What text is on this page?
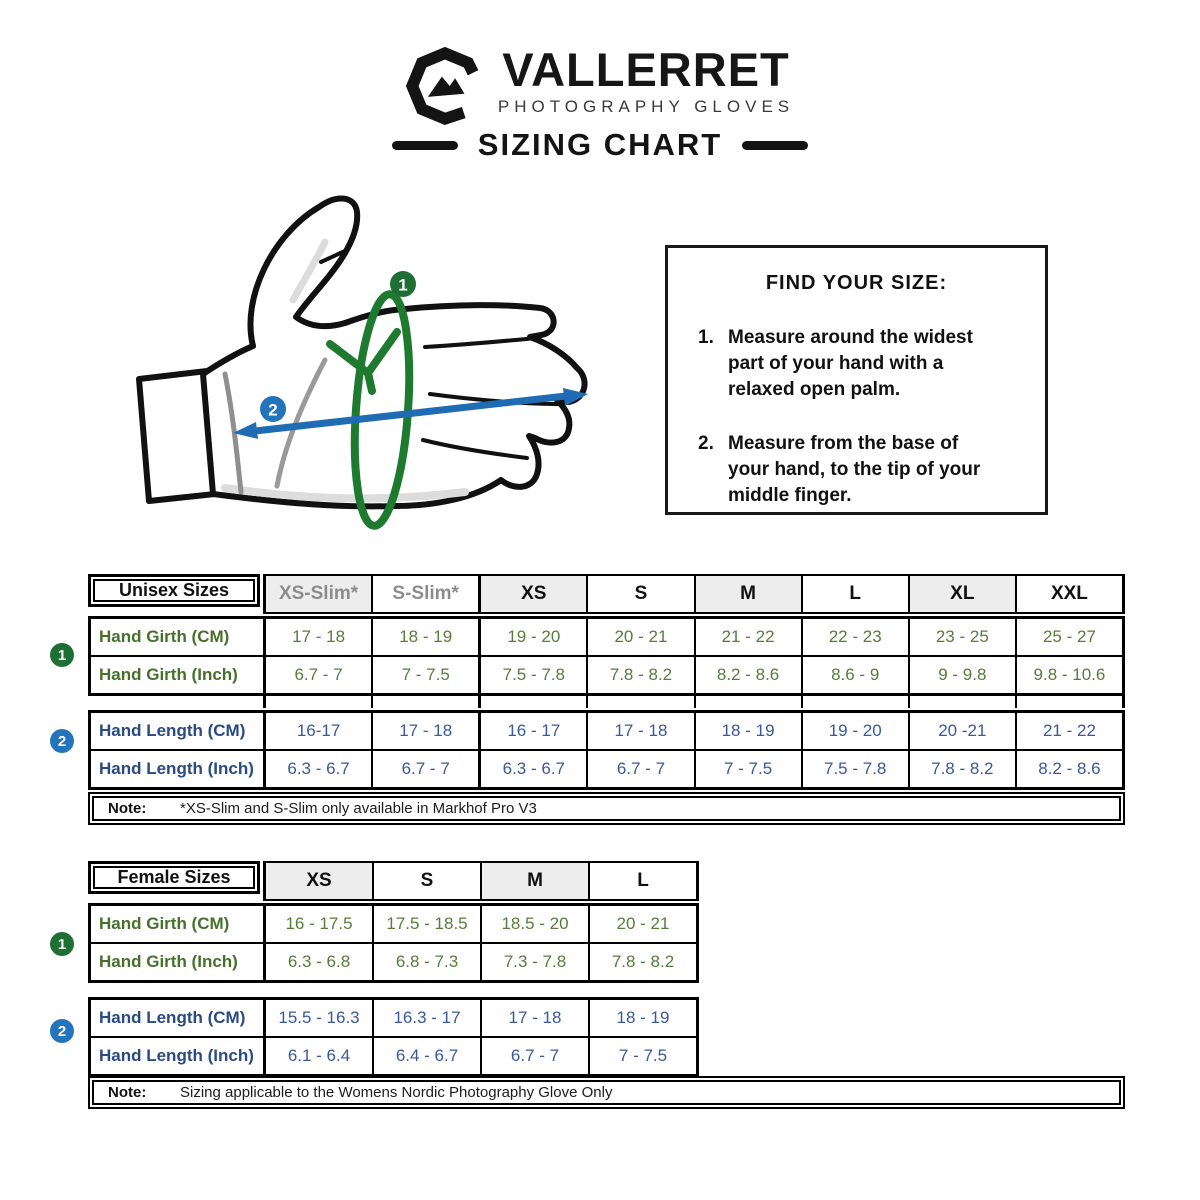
VALLERRET
PHOTOGRAPHY GLOVES
SIZING CHART
1
2
FIND YOUR SIZE:
1. Measure around the widest
part of your hand with a
relaxed open palm.
2. Measure from the base of
your hand, to the tip of your
middle finger.
Unisex Sizes	XS-Slim*	S-Slim*	XS	S	M	L	XL	XXL
Hand Girth (CM)	17 - 18	18 - 19	19 - 20	20 - 21	21 - 22	22 - 23	23 - 25	25 - 27
Hand Girth (Inch)	6.7 - 7	7 - 7.5	7.5 - 7.8	7.8 - 8.2	8.2 - 8.6	8.6 - 9	9 - 9.8	9.8 - 10.6
Hand Length (CM)	16-17	17 - 18	16 - 17	17 - 18	18 - 19	19 - 20	20 -21	21 - 22
Hand Length (Inch)	6.3 - 6.7	6.7 - 7	6.3 - 6.7	6.7 - 7	7 - 7.5	7.5 - 7.8	7.8 - 8.2	8.2 - 8.6
Note:	*XS-Slim and S-Slim only available in Markhof Pro V3
Female Sizes	XS	S	M	L
Hand Girth (CM)	16 - 17.5	17.5 - 18.5	18.5 - 20	20 - 21
Hand Girth (Inch)	6.3 - 6.8	6.8 - 7.3	7.3 - 7.8	7.8 - 8.2
Hand Length (CM)	15.5 - 16.3	16.3 - 17	17 - 18	18 - 19
Hand Length (Inch)	6.1 - 6.4	6.4 - 6.7	6.7 - 7	7 - 7.5
Note:	Sizing applicable to the Womens Nordic Photography Glove Only
1
2
1
2
